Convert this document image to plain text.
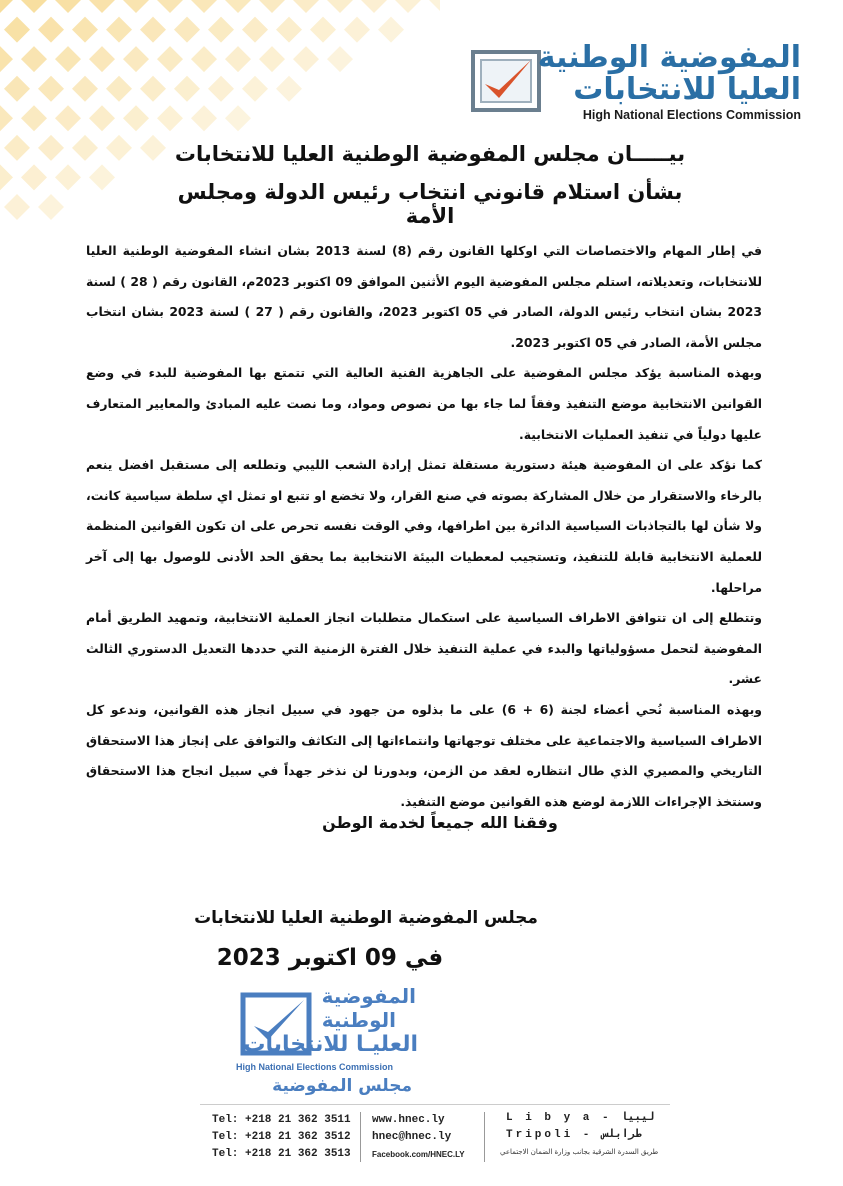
المفوضية الوطنية
العليا للانتخابات
High National Elections Commission
بيـــــان مجلس المفوضية الوطنية العليا للانتخابات
بشأن استلام قانوني انتخاب رئيس الدولة ومجلس الأمة

في إطار المهام والاختصاصات التي اوكلها القانون رقم (8) لسنة 2013 بشان انشاء المفوضية الوطنية العليا للانتخابات، وتعديلاته، استلم مجلس المفوضية اليوم الأثنين الموافق 09 اكتوبر 2023م، القانون رقم ( 28 ) لسنة 2023 بشان انتخاب رئيس الدولة، الصادر في 05 اكتوبر 2023، والقانون رقم ( 27 ) لسنة 2023 بشان انتخاب مجلس الأمة، الصادر في 05 اكتوبر 2023.

وبهذه المناسبة يؤكد مجلس المفوضية على الجاهزية الفنية العالية التي تتمتع بها المفوضية للبدء في وضع القوانين الانتخابية موضع التنفيذ وفقاً لما جاء بها من نصوص ومواد، وما نصت عليه المبادئ والمعايير المتعارف عليها دولياً في تنفيذ العمليات الانتخابية.

كما نؤكد على ان المفوضية هيئة دستورية مستقلة تمثل إرادة الشعب الليبي وتطلعه إلى مستقبل افضل ينعم بالرخاء والاستقرار من خلال المشاركة بصوته في صنع القرار، ولا تخضع او تتبع او تمثل اي سلطة سياسية كانت، ولا شأن لها بالتجاذبات السياسية الدائرة بين اطرافها، وفي الوقت نفسه تحرص على ان تكون القوانين المنظمة للعملية الانتخابية قابلة للتنفيذ، وتستجيب لمعطيات البيئة الانتخابية بما يحقق الحد الأدنى للوصول بها إلى آخر مراحلها.

وتتطلع إلى ان تتوافق الاطراف السياسية على استكمال متطلبات انجاز العملية الانتخابية، وتمهيد الطريق أمام المفوضية لتحمل مسؤولياتها والبدء في عملية التنفيذ خلال الفترة الزمنية التي حددها التعديل الدستوري الثالث عشر.

وبهذه المناسبة نُحي أعضاء لجنة (6 + 6) على ما بذلوه من جهود في سبيل انجاز هذه القوانين، وندعو كل الاطراف السياسية والاجتماعية على مختلف توجهاتها وانتماءاتها إلى التكاثف والتوافق على إنجاز هذا الاستحقاق التاريخي والمصيري الذي طال انتظاره لعقد من الزمن، وبدورنا لن نذخر جهداً في سبيل انجاح هذا الاستحقاق وسنتخذ الإجراءات اللازمة لوضع هذه القوانين موضع التنفيذ.

وفقنا الله جميعاً لخدمة الوطن
مجلس المفوضية الوطنية العليا للانتخابات
في 09 اكتوبر 2023
المفوضية
الوطنية
العليـا للانتخابات
High National Elections Commission
مجلس المفوضية
Tel: +218 21 362 3511
Tel: +218 21 362 3512
Tel: +218 21 362 3513
www.hnec.ly
hnec@hnec.ly
Facebook.com/HNEC.LY
L i b y a - ليبيا
Tripoli - طرابلس
طريق السدرة الشرقية بجانب وزارة الضمان الاجتماعي
